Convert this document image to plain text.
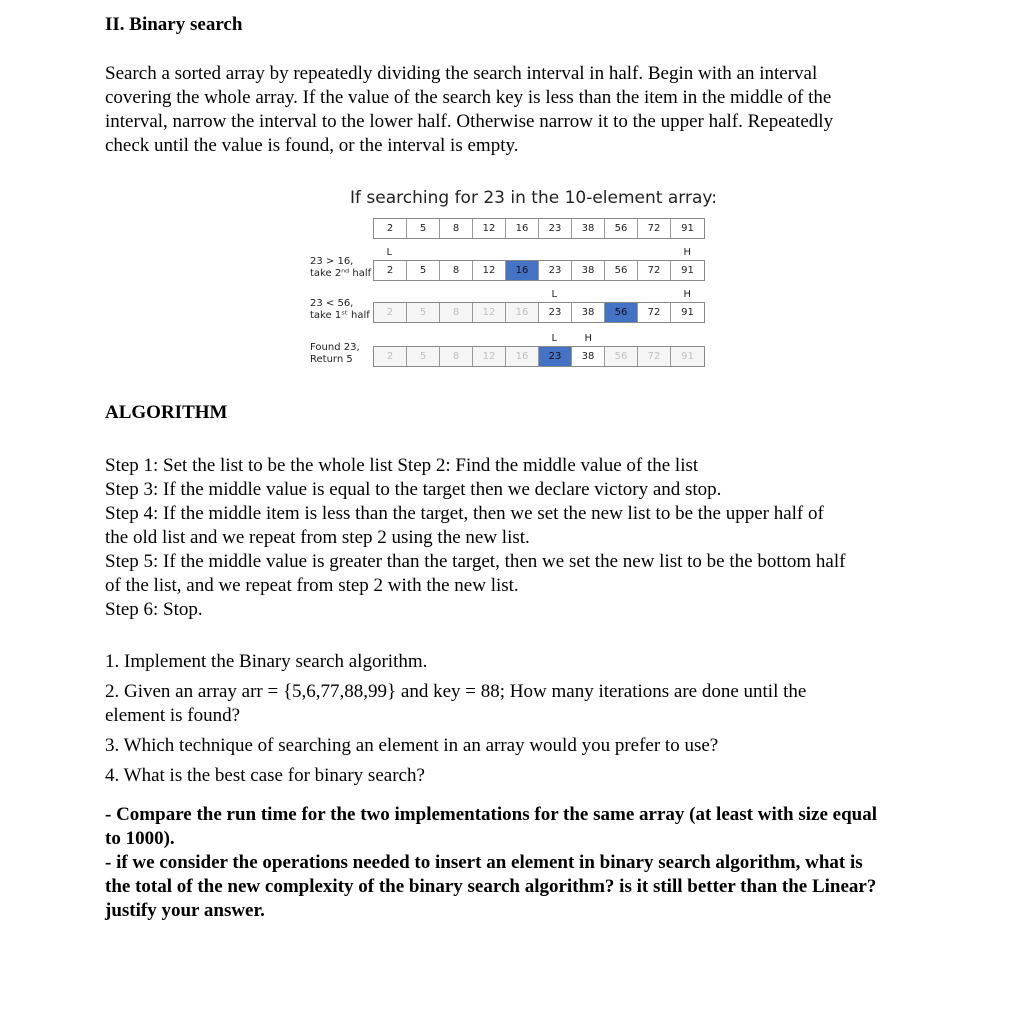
II. Binary search
Search a sorted array by repeatedly dividing the search interval in half. Begin with an interval
covering the whole array. If the value of the search key is less than the item in the middle of the
interval, narrow the interval to the lower half. Otherwise narrow it to the upper half. Repeatedly
check until the value is found, or the interval is empty.
If searching for 23 in the 10-element array:
2	5	8	12	16	23	38	56	72	91
23 > 16,
take 2ⁿᵈ half
L	H
2	5	8	12	16	23	38	56	72	91
23 < 56,
take 1ˢᵗ half
L	H
2	5	8	12	16	23	38	56	72	91
Found 23,
Return 5
L	H
2	5	8	12	16	23	38	56	72	91
ALGORITHM
Step 1: Set the list to be the whole list Step 2: Find the middle value of the list
Step 3: If the middle value is equal to the target then we declare victory and stop.
Step 4: If the middle item is less than the target, then we set the new list to be the upper half of
the old list and we repeat from step 2 using the new list.
Step 5: If the middle value is greater than the target, then we set the new list to be the bottom half
of the list, and we repeat from step 2 with the new list.
Step 6: Stop.
1. Implement the Binary search algorithm.
2. Given an array arr = {5,6,77,88,99} and key = 88; How many iterations are done until the
element is found?
3. Which technique of searching an element in an array would you prefer to use?
4. What is the best case for binary search?
- Compare the run time for the two implementations for the same array (at least with size equal
to 1000).
- if we consider the operations needed to insert an element in binary search algorithm, what is
the total of the new complexity of the binary search algorithm? is it still better than the Linear?
justify your answer.
